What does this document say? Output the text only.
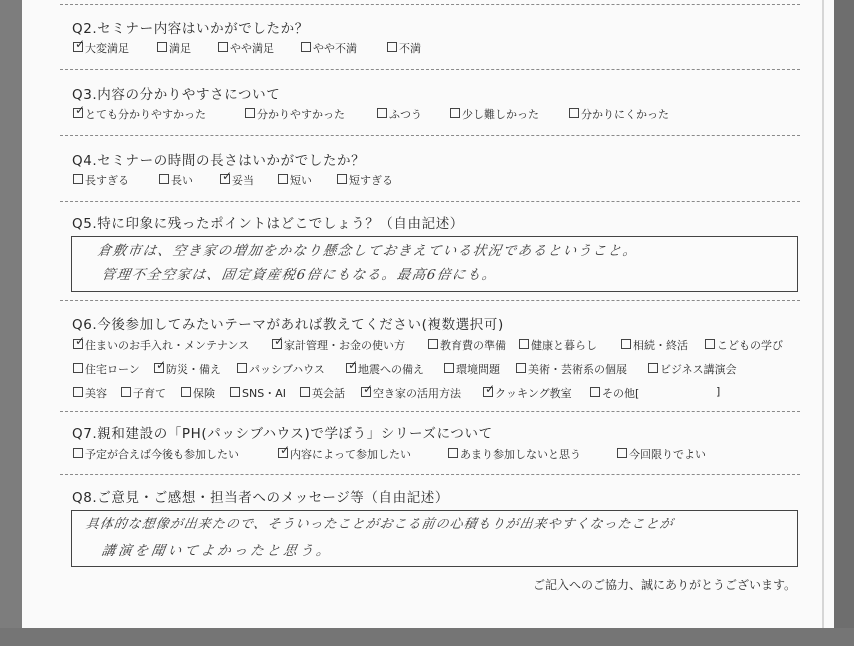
Q2.セミナー内容はいかがでしたか？
✓ 大変満足	満足	やや満足	やや不満	不満
Q3.内容の分かりやすさについて
✓ とても分かりやすかった	分かりやすかった	ふつう	少し難しかった	分かりにくかった
Q4.セミナーの時間の長さはいかがでしたか？
長すぎる	長い ✓ 妥当	短い	短すぎる
Q5.特に印象に残ったポイントはどこでしょう？（自由記述）
倉敷市は、空き家の増加をかなり懸念しておきえている状況であるということ。
管理不全空家は、固定資産税6倍にもなる。最高6倍にも。
Q6.今後参加してみたいテーマがあれば教えてください(複数選択可)
✓ 住まいのお手入れ・メンテナンス ✓ 家計管理・お金の使い方	教育費の準備	健康と暮らし	相続・終活	こどもの学び
住宅ローン ✓ 防災・備え	パッシブハウス ✓ 地震への備え	環境問題	美術・芸術系の個展	ビジネス講演会
美容	子育て	保険	SNS・AI	英会話 ✓ 空き家の活用方法 ✓ クッキング教室	その他[	]
Q7.親和建設の「PH(パッシブハウス)で学ぼう」シリーズについて
予定が合えば今後も参加したい	✓ 内容によって参加したい	あまり参加しないと思う	今回限りでよい
Q8.ご意見・ご感想・担当者へのメッセージ等（自由記述）
具体的な想像が出来たので、そういったことがおこる前の心積もりが出来やすくなったことが
講演を聞いてよかったと思う。
ご記入へのご協力、誠にありがとうございます。
